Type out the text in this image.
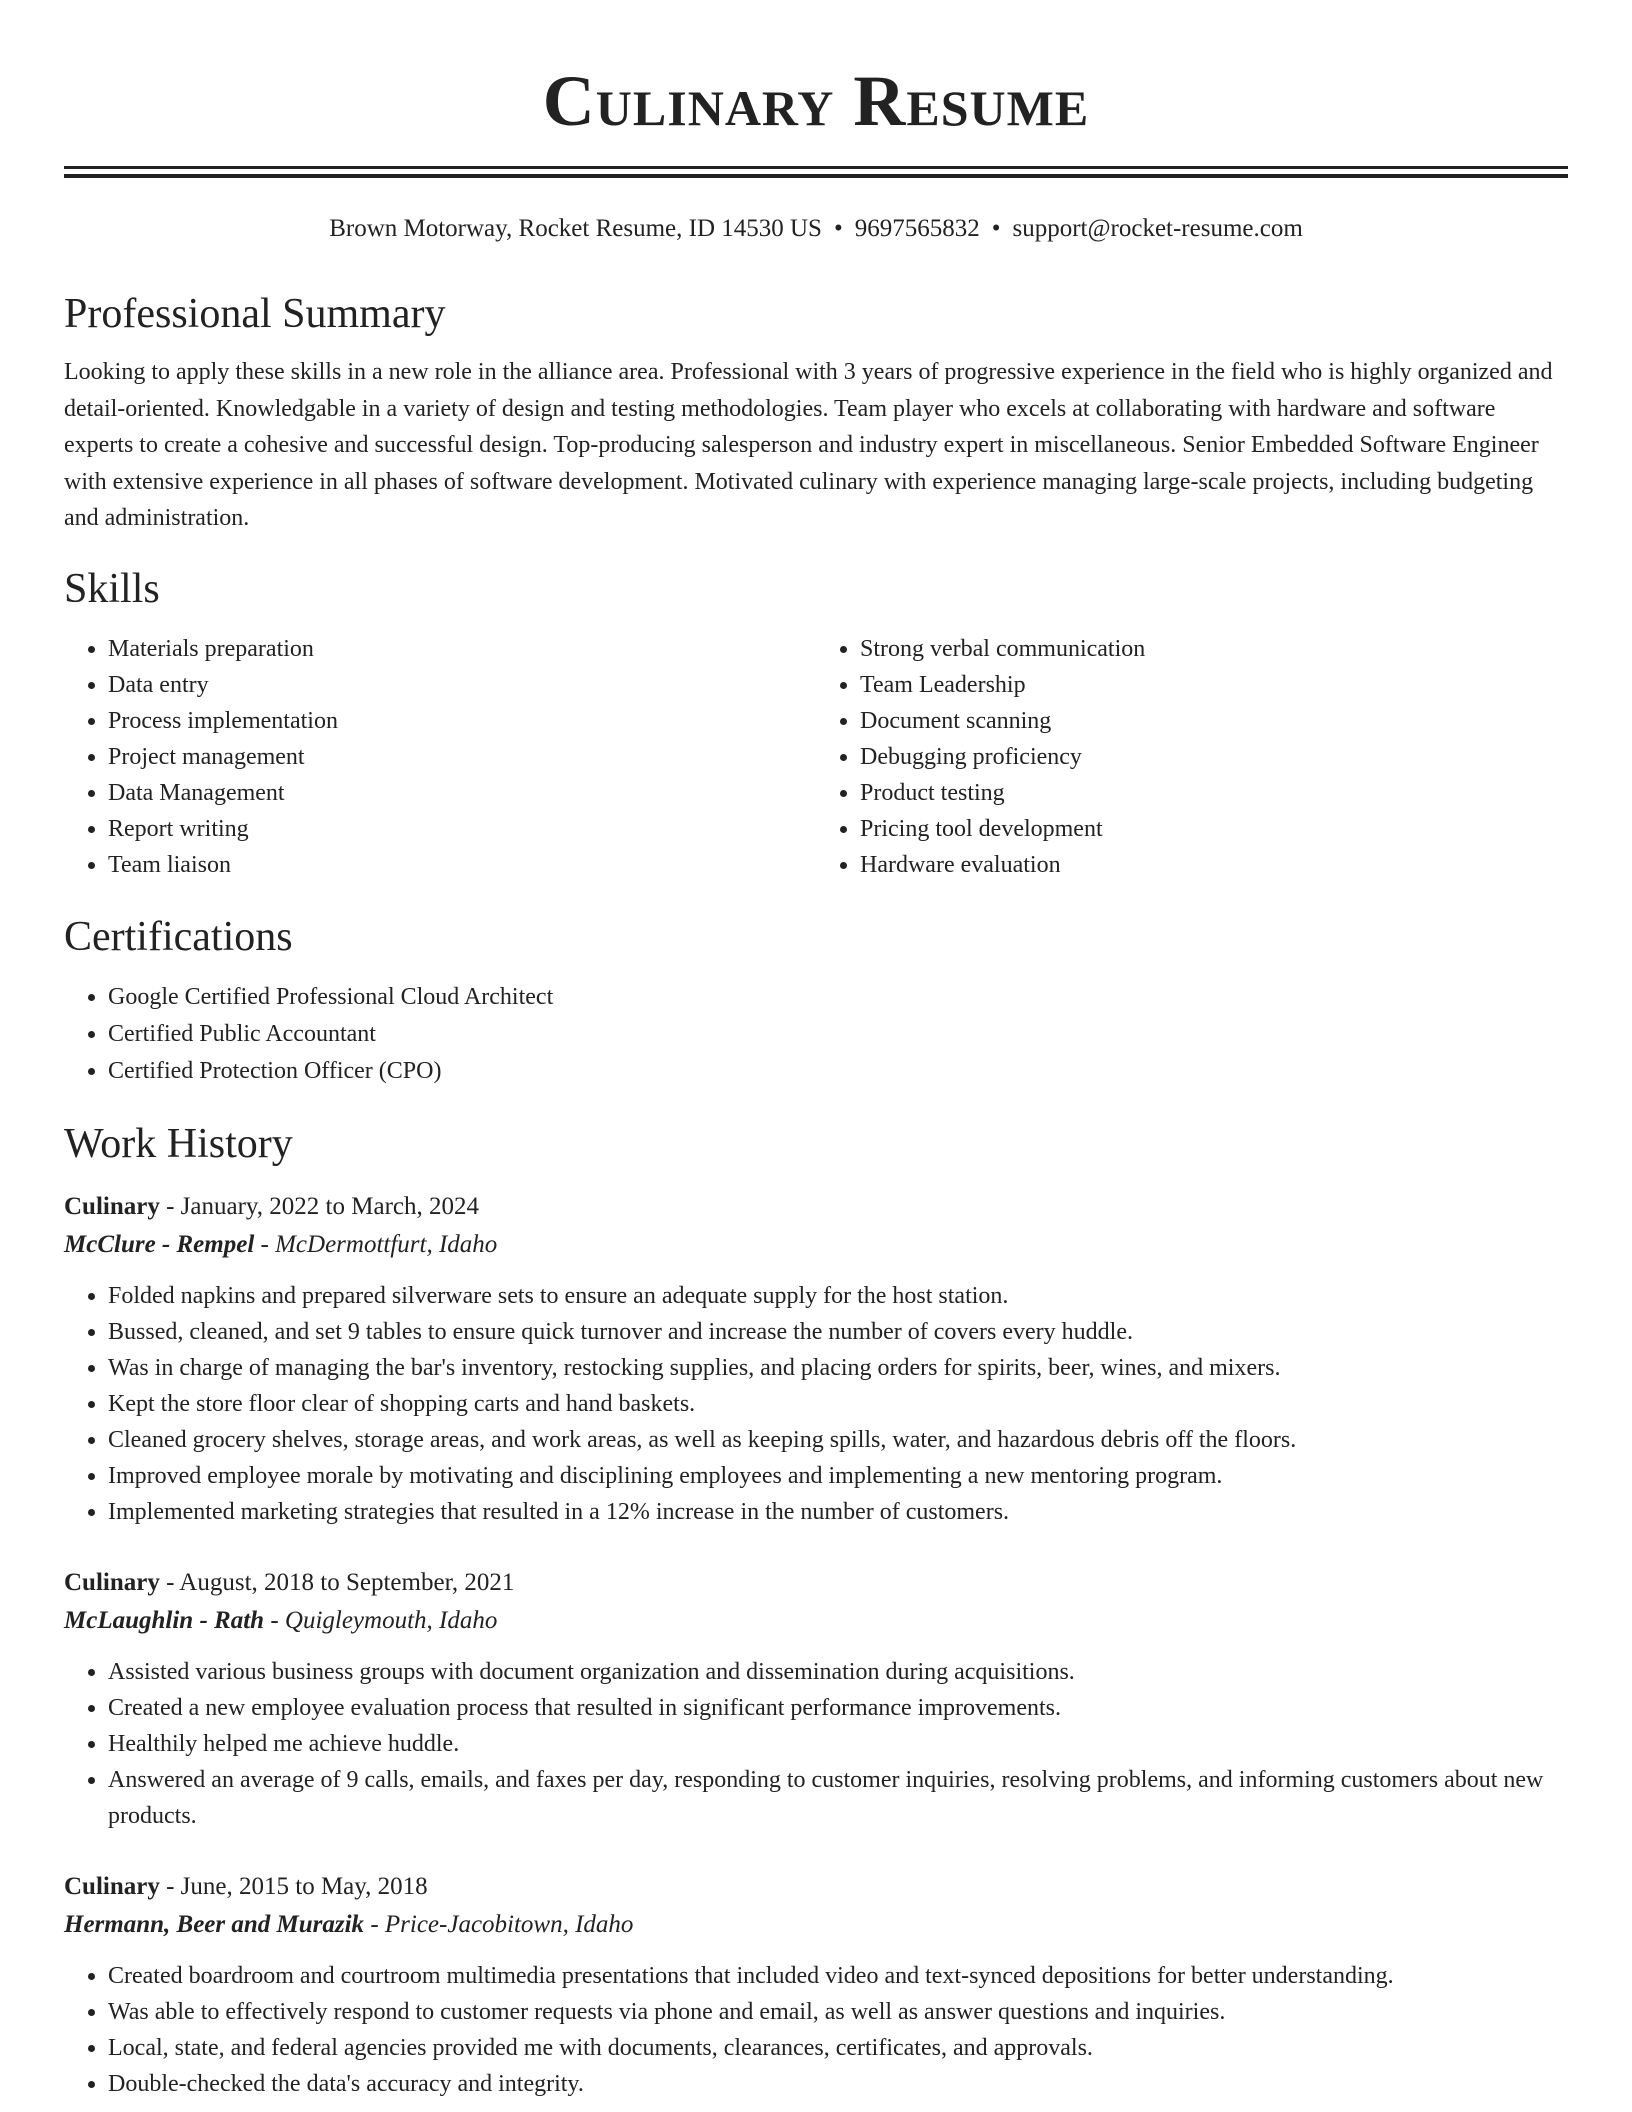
Culinary Resume
Brown Motorway, Rocket Resume, ID 14530 US • 9697565832 • support@rocket-resume.com
Professional Summary

Looking to apply these skills in a new role in the alliance area. Professional with 3 years of progressive experience in the field who is highly organized and detail-oriented. Knowledgable in a variety of design and testing methodologies. Team player who excels at collaborating with hardware and software experts to create a cohesive and successful design. Top-producing salesperson and industry expert in miscellaneous. Senior Embedded Software Engineer with extensive experience in all phases of software development. Motivated culinary with experience managing large-scale projects, including budgeting and administration.

Skills
• Materials preparation
• Data entry
• Process implementation
• Project management
• Data Management
• Report writing
• Team liaison
• Strong verbal communication
• Team Leadership
• Document scanning
• Debugging proficiency
• Product testing
• Pricing tool development
• Hardware evaluation
Certifications
• Google Certified Professional Cloud Architect
• Certified Public Accountant
• Certified Protection Officer (CPO)
Work History
Culinary - January, 2022 to March, 2024
McClure - Rempel - McDermottfurt, Idaho
• Folded napkins and prepared silverware sets to ensure an adequate supply for the host station.
• Bussed, cleaned, and set 9 tables to ensure quick turnover and increase the number of covers every huddle.
• Was in charge of managing the bar's inventory, restocking supplies, and placing orders for spirits, beer, wines, and mixers.
• Kept the store floor clear of shopping carts and hand baskets.
• Cleaned grocery shelves, storage areas, and work areas, as well as keeping spills, water, and hazardous debris off the floors.
• Improved employee morale by motivating and disciplining employees and implementing a new mentoring program.
• Implemented marketing strategies that resulted in a 12% increase in the number of customers.
Culinary - August, 2018 to September, 2021
McLaughlin - Rath - Quigleymouth, Idaho
• Assisted various business groups with document organization and dissemination during acquisitions.
• Created a new employee evaluation process that resulted in significant performance improvements.
• Healthily helped me achieve huddle.
• Answered an average of 9 calls, emails, and faxes per day, responding to customer inquiries, resolving problems, and informing customers about new products.
Culinary - June, 2015 to May, 2018
Hermann, Beer and Murazik - Price-Jacobitown, Idaho
• Created boardroom and courtroom multimedia presentations that included video and text-synced depositions for better understanding.
• Was able to effectively respond to customer requests via phone and email, as well as answer questions and inquiries.
• Local, state, and federal agencies provided me with documents, clearances, certificates, and approvals.
• Double-checked the data's accuracy and integrity.
